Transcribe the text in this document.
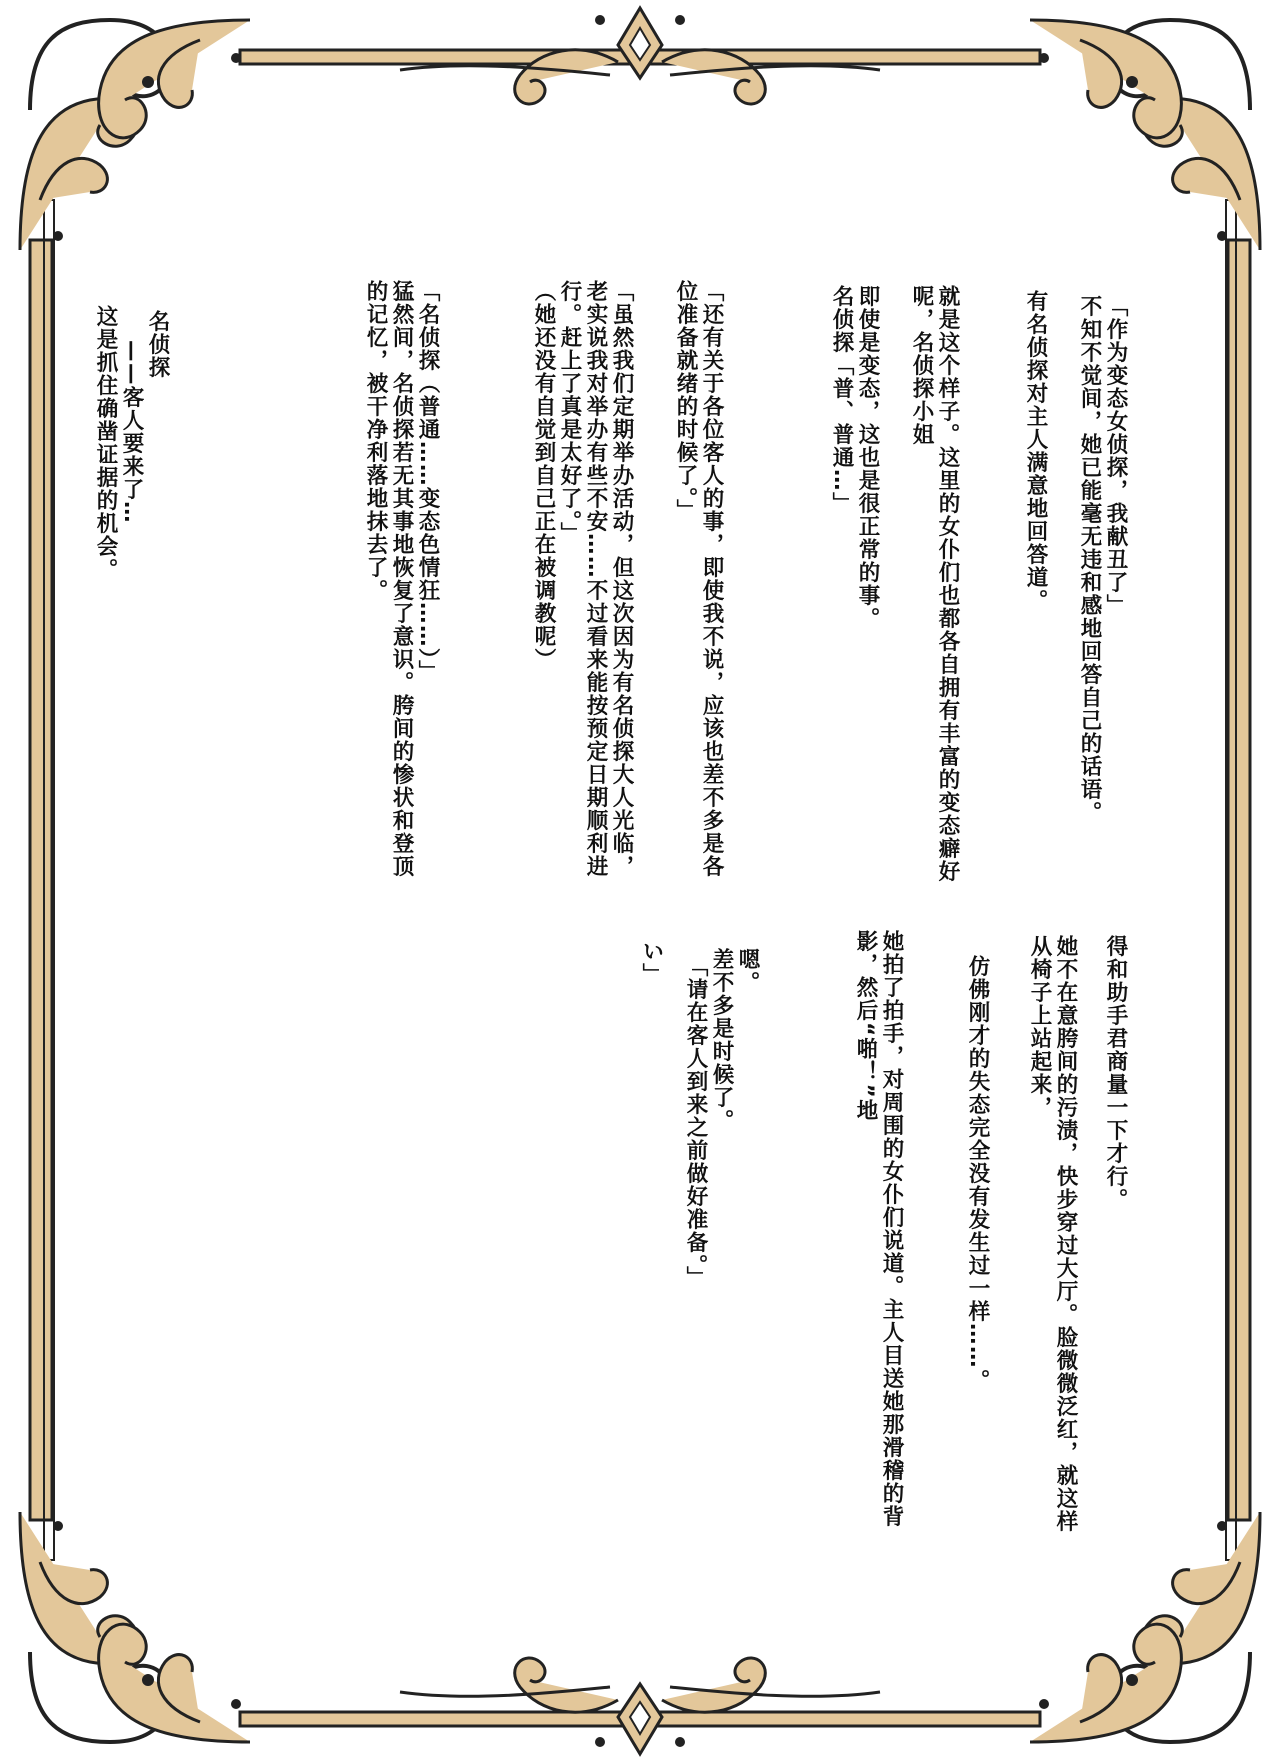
「作为变态女侦探，我献丑了」
不知不觉间，她已能毫无违和感地回答自己的话语。
有名侦探对主人满意地回答道。
就是这个样子。这里的女仆们也都各自拥有丰富的变态癖好
呢，名侦探小姐
即使是变态，这也是很正常的事。
名侦探「普、普通…」
「还有关于各位客人的事，即使我不说，应该也差不多是各
位准备就绪的时候了。」
「虽然我们定期举办活动，但这次因为有名侦探大人光临，
老实说我对举办有些不安……不过看来能按预定日期顺利进
行。赶上了真是太好了。」
（她还没有自觉到自己正在被调教呢）
「名侦探（普通……变态色情狂……）」
猛然间，名侦探若无其事地恢复了意识。胯间的惨状和登顶
的记忆，被干净利落地抹去了。
名侦探
——客人要来了…
这是抓住确凿证据的机会。
得和助手君商量一下才行。
她不在意胯间的污渍，快步穿过大厅。脸微微泛红，就这样
从椅子上站起来，
仿佛刚才的失态完全没有发生过一样……。
她拍了拍手，对周围的女仆们说道。主人目送她那滑稽的背
影，然后“啪！”地
嗯。
差不多是时候了。
「请在客人到来之前做好准备。」
い」
